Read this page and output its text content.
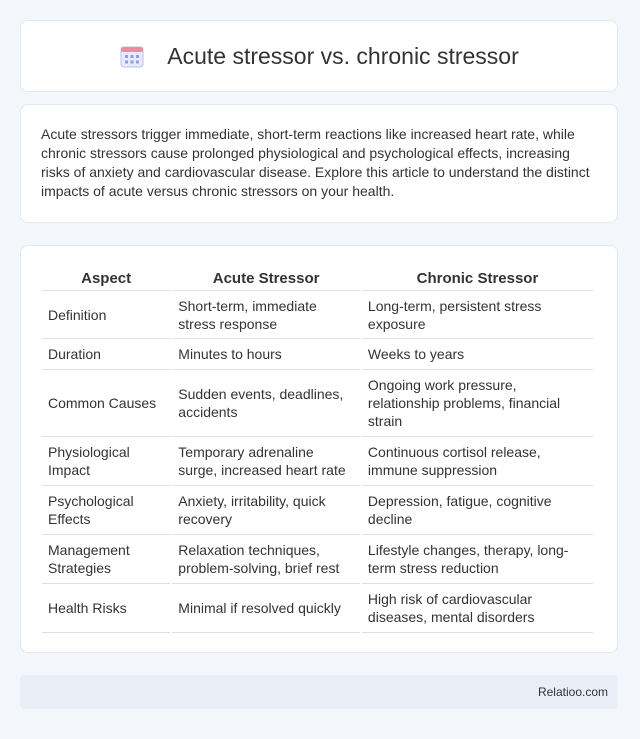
Acute stressor vs. chronic stressor

Acute stressors trigger immediate, short-term reactions like increased heart rate, while chronic stressors cause prolonged physiological and psychological effects, increasing risks of anxiety and cardiovascular disease. Explore this article to understand the distinct impacts of acute versus chronic stressors on your health.

Aspect	Acute Stressor	Chronic Stressor
Definition	Short-term, immediate stress response	Long-term, persistent stress exposure
Duration	Minutes to hours	Weeks to years
Common Causes	Sudden events, deadlines, accidents	Ongoing work pressure, relationship problems, financial strain
Physiological Impact	Temporary adrenaline surge, increased heart rate	Continuous cortisol release, immune suppression
Psychological Effects	Anxiety, irritability, quick recovery	Depression, fatigue, cognitive decline
Management Strategies	Relaxation techniques, problem-solving, brief rest	Lifestyle changes, therapy, long-term stress reduction
Health Risks	Minimal if resolved quickly	High risk of cardiovascular diseases, mental disorders
Relatioo.com
